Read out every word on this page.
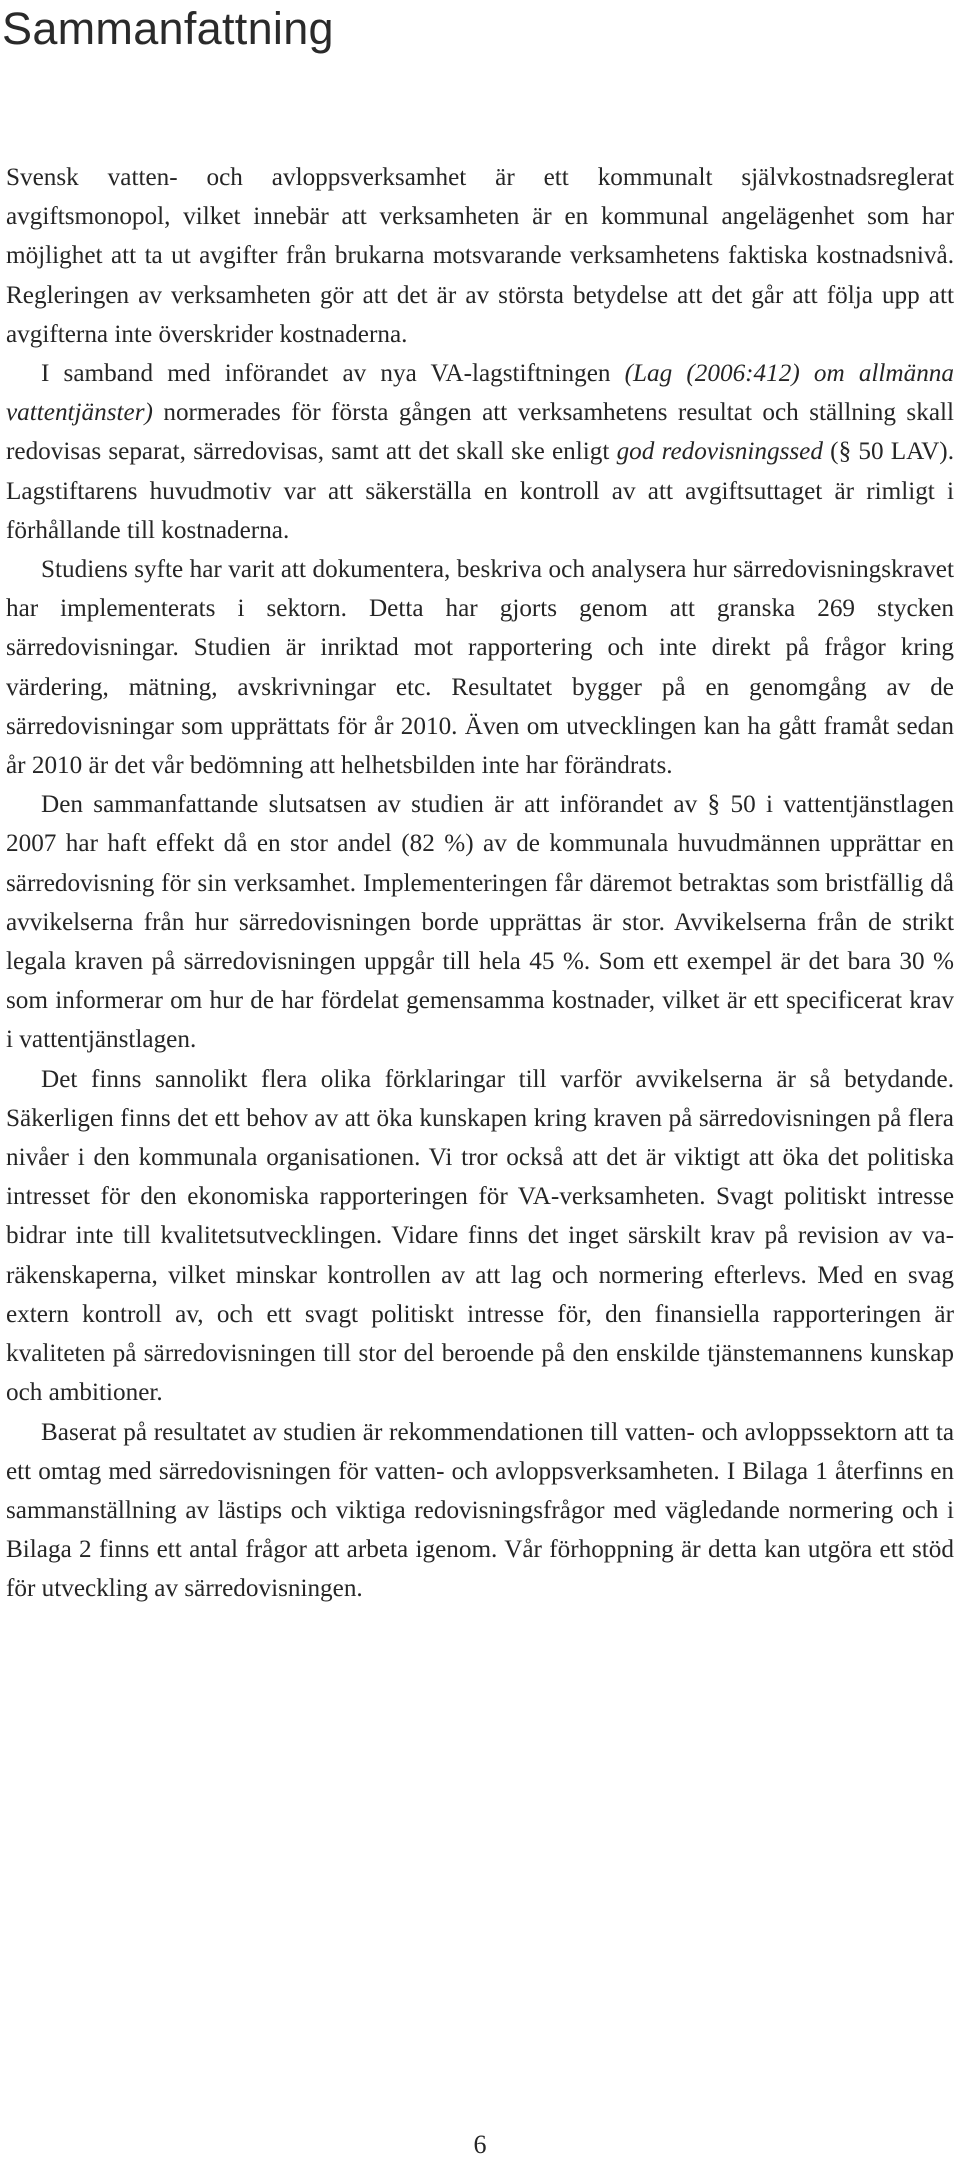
Sammanfattning

Svensk vatten- och avloppsverksamhet är ett kommunalt självkostnadsreglerat avgiftsmonopol, vilket innebär att verksamheten är en kommunal angelägenhet som har möjlighet att ta ut avgifter från brukarna motsvarande verksamhetens faktiska kostnadsnivå. Regleringen av verksamheten gör att det är av största betydelse att det går att följa upp att avgifterna inte överskrider kostnaderna.

I samband med införandet av nya VA-lagstiftningen (Lag (2006:412) om allmänna vattentjänster) normerades för första gången att verksamhetens resultat och ställning skall redovisas separat, särredovisas, samt att det skall ske enligt god redovisningssed (§ 50 LAV). Lagstiftarens huvudmotiv var att säkerställa en kontroll av att avgiftsuttaget är rimligt i förhållande till kostnaderna.

Studiens syfte har varit att dokumentera, beskriva och analysera hur särredovisningskravet har implementerats i sektorn. Detta har gjorts genom att granska 269 stycken särredovisningar. Studien är inriktad mot rapportering och inte direkt på frågor kring värdering, mätning, avskrivningar etc. Resultatet bygger på en genomgång av de särredovisningar som upprättats för år 2010. Även om utvecklingen kan ha gått framåt sedan år 2010 är det vår bedömning att helhetsbilden inte har förändrats.

Den sammanfattande slutsatsen av studien är att införandet av § 50 i vattentjänstlagen 2007 har haft effekt då en stor andel (82 %) av de kommunala huvudmännen upprättar en särredovisning för sin verksamhet. Implementeringen får däremot betraktas som bristfällig då avvikelserna från hur särredovisningen borde upprättas är stor. Avvikelserna från de strikt legala kraven på särredovisningen uppgår till hela 45 %. Som ett exempel är det bara 30 % som informerar om hur de har fördelat gemensamma kostnader, vilket är ett specificerat krav i vattentjänstlagen.

Det finns sannolikt flera olika förklaringar till varför avvikelserna är så betydande. Säkerligen finns det ett behov av att öka kunskapen kring kraven på särredovisningen på flera nivåer i den kommunala organisationen. Vi tror också att det är viktigt att öka det politiska intresset för den ekonomiska rapporteringen för VA-verksamheten. Svagt politiskt intresse bidrar inte till kvalitetsutvecklingen. Vidare finns det inget särskilt krav på revision av va-räkenskaperna, vilket minskar kontrollen av att lag och normering efterlevs. Med en svag extern kontroll av, och ett svagt politiskt intresse för, den finansiella rapporteringen är kvaliteten på särredovisningen till stor del beroende på den enskilde tjänstemannens kunskap och ambitioner.

Baserat på resultatet av studien är rekommendationen till vatten- och avloppssektorn att ta ett omtag med särredovisningen för vatten- och avloppsverksamheten. I Bilaga 1 återfinns en sammanställning av lästips och viktiga redovisningsfrågor med vägledande normering och i Bilaga 2 finns ett antal frågor att arbeta igenom. Vår förhoppning är detta kan utgöra ett stöd för utveckling av särredovisningen.

6
